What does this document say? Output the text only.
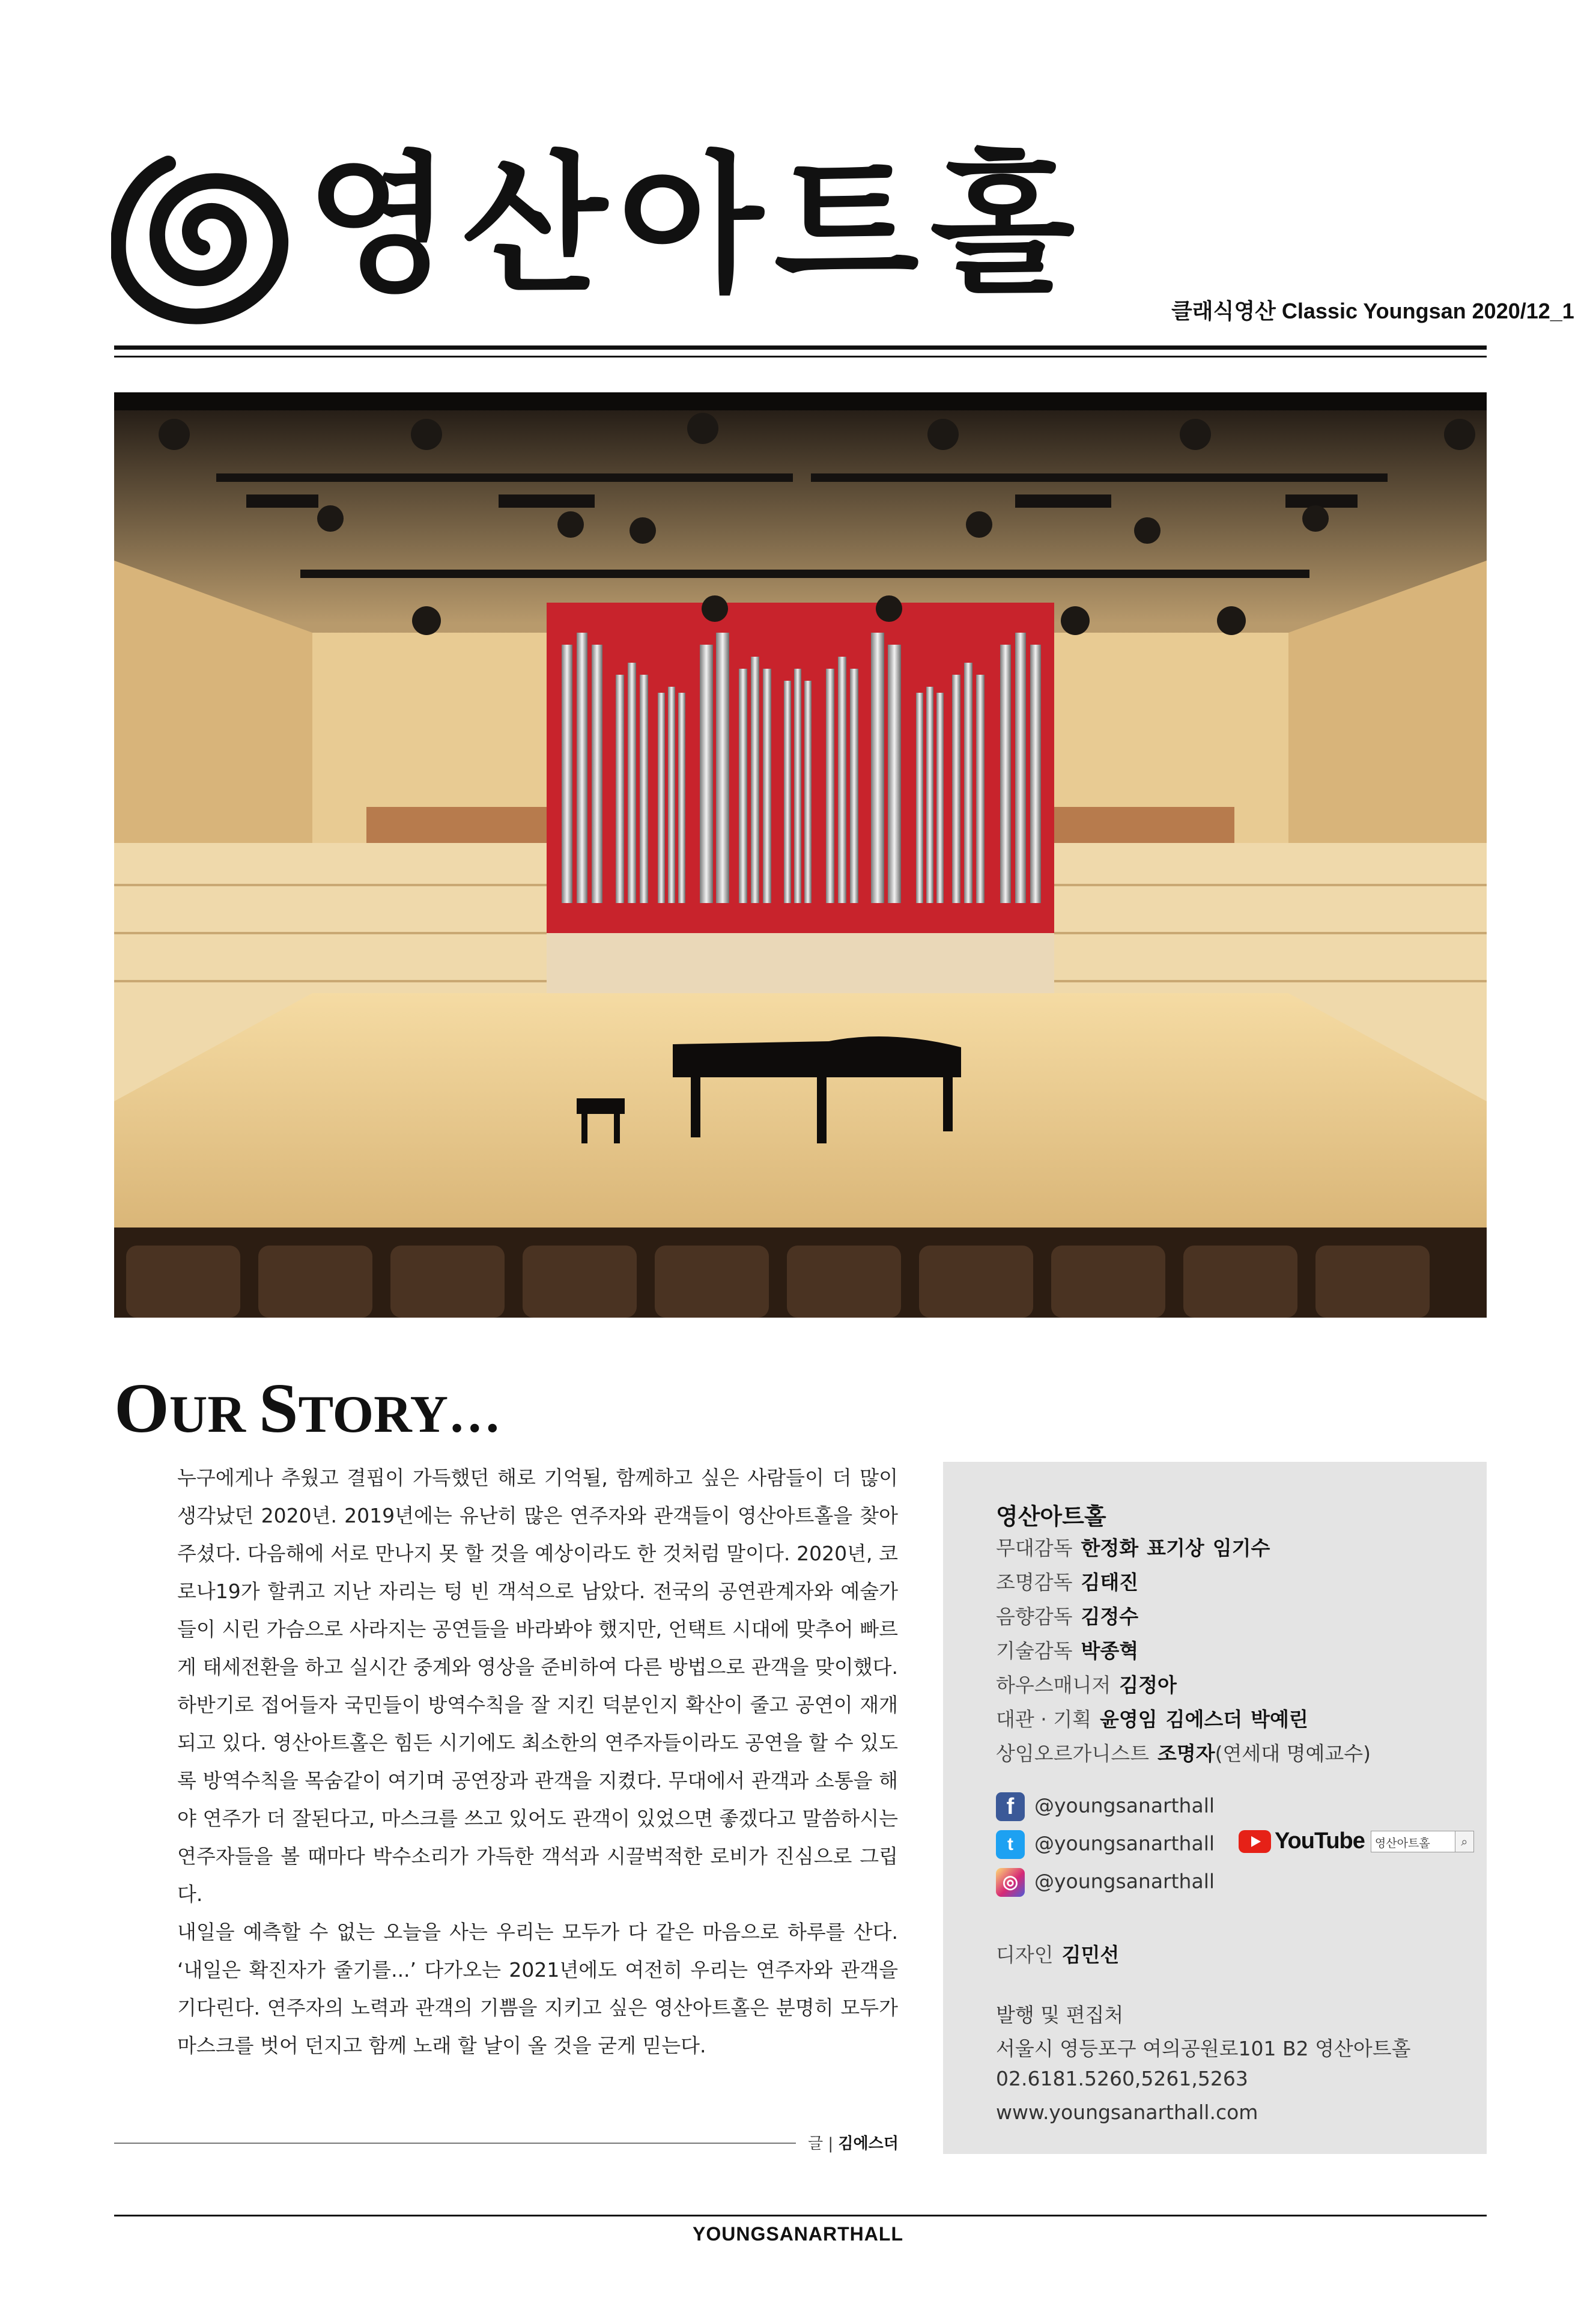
영산아트홀	클래식영산 Classic Youngsan 2020/12_1
OUR STORY…

누구에게나 추웠고 결핍이 가득했던 해로 기억될, 함께하고 싶은 사람들이 더 많이 생각났던 2020년. 2019년에는 유난히 많은 연주자와 관객들이 영산아트홀을 찾아주셨다. 다음해에 서로 만나지 못 할 것을 예상이라도 한 것처럼 말이다. 2020년, 코로나19가 할퀴고 지난 자리는 텅 빈 객석으로 남았다. 전국의 공연관계자와 예술가들이 시린 가슴으로 사라지는 공연들을 바라봐야 했지만, 언택트 시대에 맞추어 빠르게 태세전환을 하고 실시간 중계와 영상을 준비하여 다른 방법으로 관객을 맞이했다. 하반기로 접어들자 국민들이 방역수칙을 잘 지킨 덕분인지 확산이 줄고 공연이 재개되고 있다. 영산아트홀은 힘든 시기에도 최소한의 연주자들이라도 공연을 할 수 있도록 방역수칙을 목숨같이 여기며 공연장과 관객을 지켰다. 무대에서 관객과 소통을 해야 연주가 더 잘된다고, 마스크를 쓰고 있어도 관객이 있었으면 좋겠다고 말씀하시는 연주자들을 볼 때마다 박수소리가 가득한 객석과 시끌벅적한 로비가 진심으로 그립다.

내일을 예측할 수 없는 오늘을 사는 우리는 모두가 다 같은 마음으로 하루를 산다. ‘내일은 확진자가 줄기를...’ 다가오는 2021년에도 여전히 우리는 연주자와 관객을 기다린다. 연주자의 노력과 관객의 기쁨을 지키고 싶은 영산아트홀은 분명히 모두가 마스크를 벗어 던지고 함께 노래 할 날이 올 것을 굳게 믿는다.

글 | 김에스더
영산아트홀
무대감독 한정화 표기상 임기수
조명감독 김태진
음향감독 김정수
기술감독 박종혁
하우스매니저 김정아
대관 · 기획 윤영임 김에스더 박예린
상임오르가니스트 조명자(연세대 명예교수)
f	@youngsanarthall
t	@youngsanarthall
◎ @youngsanarthall
YouTube 영산아트홀	⌕
디자인 김민선
발행 및 편집처
서울시 영등포구 여의공원로101 B2 영산아트홀
02.6181.5260,5261,5263
www.youngsanarthall.com
YOUNGSANARTHALL
